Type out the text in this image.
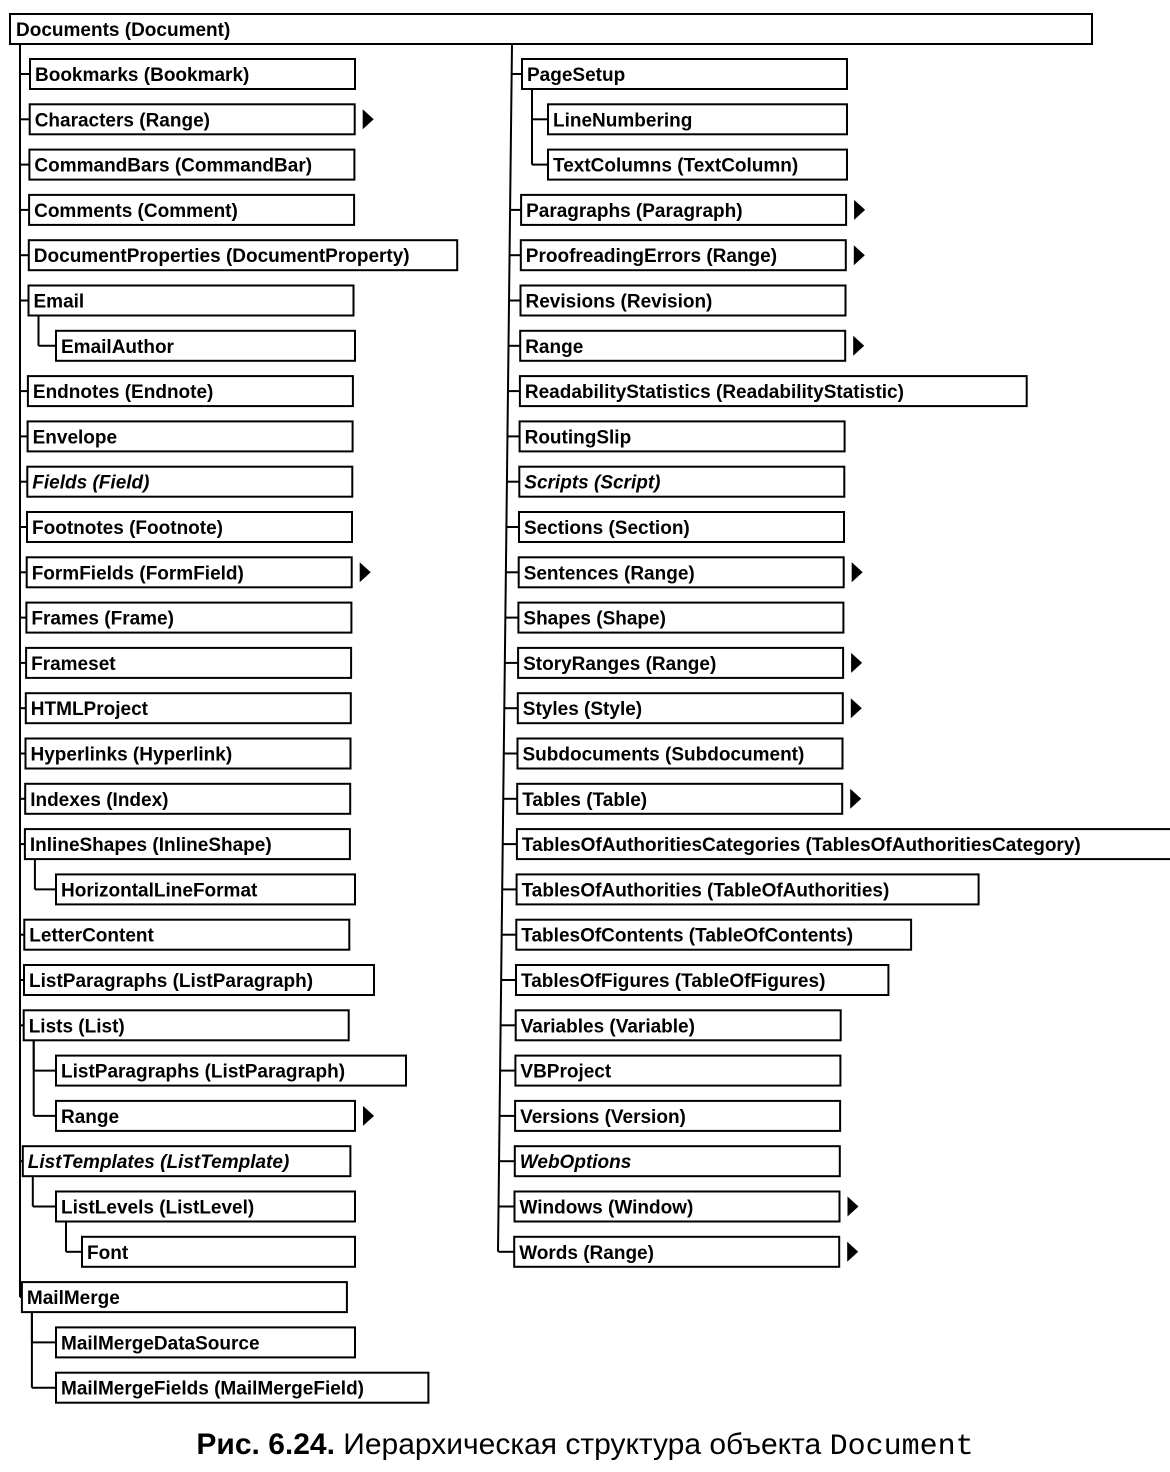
Documents (Document)
Bookmarks (Bookmark)
Characters (Range)
CommandBars (CommandBar)
Comments (Comment)
DocumentProperties (DocumentProperty)
Email
EmailAuthor
Endnotes (Endnote)
Envelope
Fields (Field)
Footnotes (Footnote)
FormFields (FormField)
Frames (Frame)
Frameset
HTMLProject
Hyperlinks (Hyperlink)
Indexes (Index)
InlineShapes (InlineShape)
HorizontalLineFormat
LetterContent
ListParagraphs (ListParagraph)
Lists (List)
ListParagraphs (ListParagraph)
Range
ListTemplates (ListTemplate)
ListLevels (ListLevel)
Font
MailMerge
MailMergeDataSource
MailMergeFields (MailMergeField)
PageSetup
LineNumbering
TextColumns (TextColumn)
Paragraphs (Paragraph)
ProofreadingErrors (Range)
Revisions (Revision)
Range
ReadabilityStatistics (ReadabilityStatistic)
RoutingSlip
Scripts (Script)
Sections (Section)
Sentences (Range)
Shapes (Shape)
StoryRanges (Range)
Styles (Style)
Subdocuments (Subdocument)
Tables (Table)
TablesOfAuthoritiesCategories (TablesOfAuthoritiesCategory)
TablesOfAuthorities (TableOfAuthorities)
TablesOfContents (TableOfContents)
TablesOfFigures (TableOfFigures)
Variables (Variable)
VBProject
Versions (Version)
WebOptions
Windows (Window)
Words (Range)
Рис. 6.24. Иерархическая структура объекта Document
